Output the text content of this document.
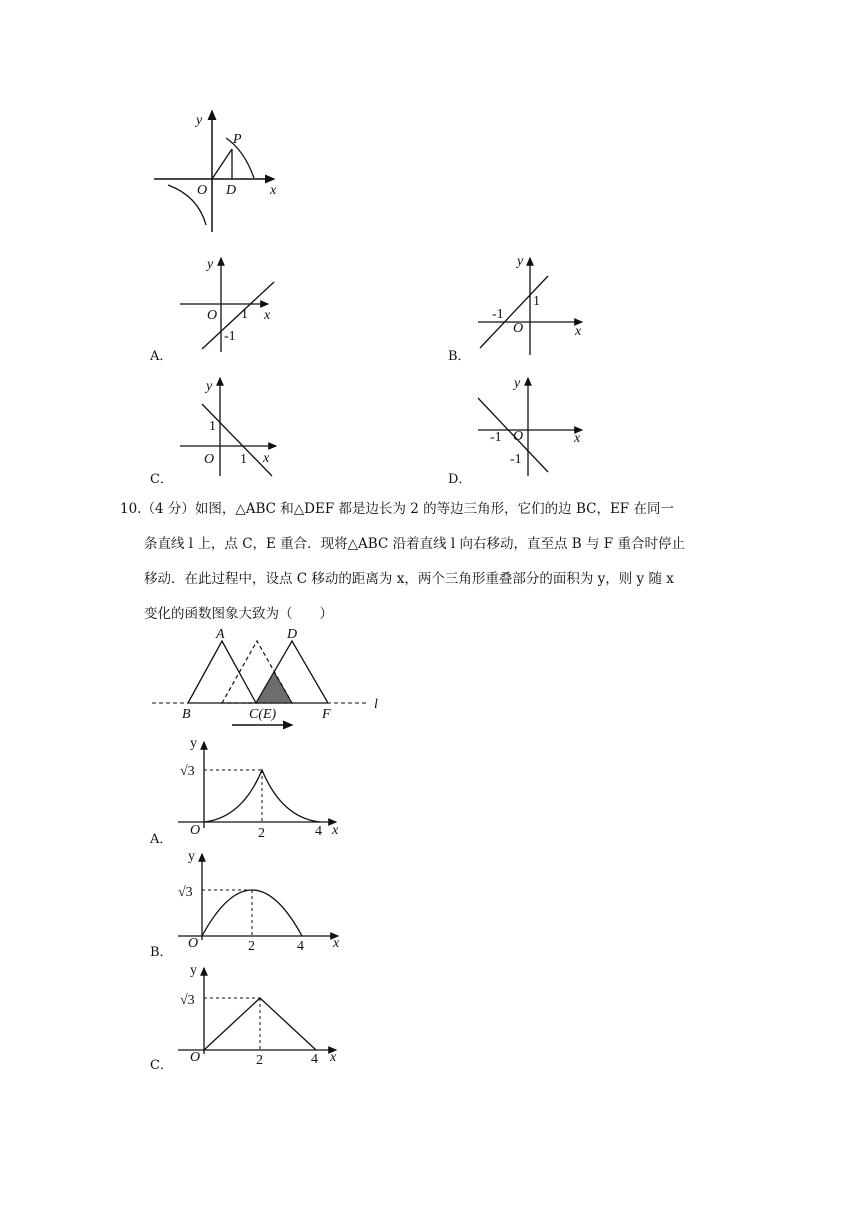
y
P
O D x
y
O 1 x
-1
A．
y
1
-1
O	x
B．
y
1
O 1 x
C．
y
-1 O	x
-1
D．

10.（4 分）如图，△ABC 和△DEF 都是边长为 2 的等边三角形，它们的边 BC，EF 在同一

条直线 l 上，点 C，E 重合．现将△ABC 沿着直线 l 向右移动，直至点 B 与 F 重合时停止

移动．在此过程中，设点 C 移动的距离为 x，两个三角形重叠部分的面积为 y，则 y 随 x

变化的函数图象大致为（　　）

A	D
B	C(E)	F
l
y
√3
O	2	4 x
A．
y
√3
O	2	4 x
B．
y
√3
O	2	4 x
C．
